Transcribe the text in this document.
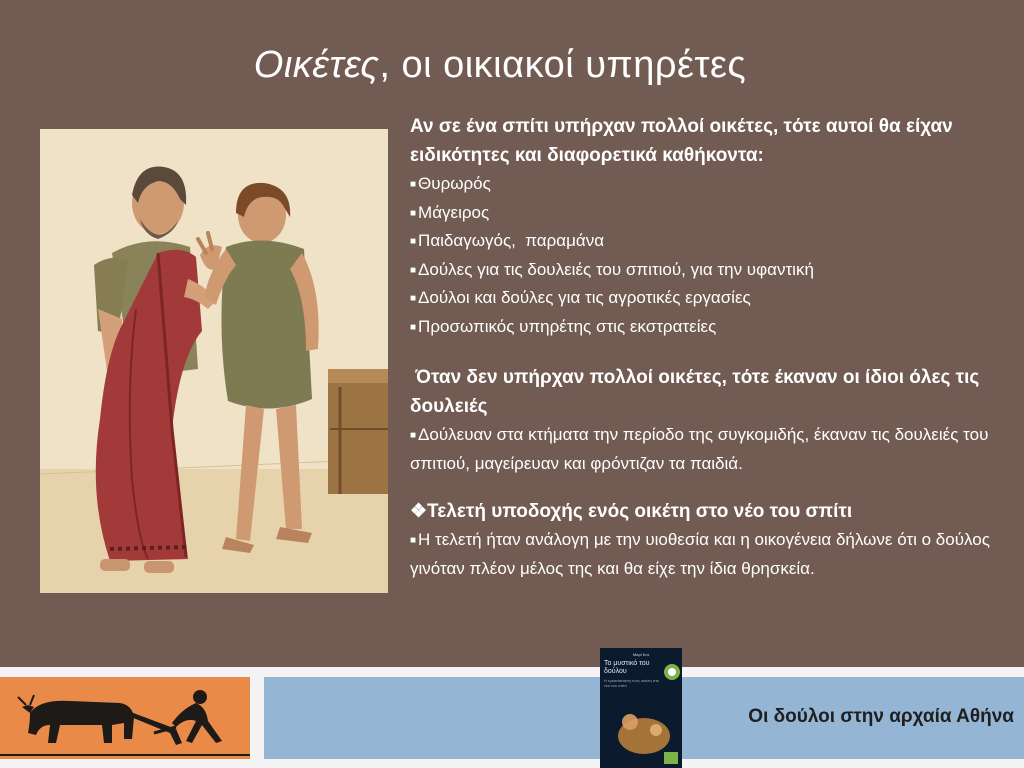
Οικέτες, οι οικιακοί υπηρέτες

Αν σε ένα σπίτι υπήρχαν πολλοί οικέτες, τότε αυτοί θα είχαν ειδικότητες και διαφορετικά καθήκοντα:

■ Θυρωρός

■ Μάγειρος

■ Παιδαγωγός,  παραμάνα

■ Δούλες για τις δουλειές του σπιτιού, για την υφαντική

■ Δούλοι και δούλες για τις αγροτικές εργασίες

■ Προσωπικός υπηρέτης στις εκστρατείες

Όταν δεν υπήρχαν πολλοί οικέτες, τότε έκαναν οι ίδιοι όλες τις δουλειές

■ Δούλευαν στα κτήματα την περίοδο της συγκομιδής, έκαναν τις δουλειές του σπιτιού, μαγείρευαν και φρόντιζαν τα παιδιά.

❖Τελετή υποδοχής ενός οικέτη στο νέο του σπίτι

■ Η τελετή ήταν ανάλογη με την υιοθεσία και η οικογένεια δήλωνε ότι ο δούλος γινόταν πλέον μέλος της και θα είχε την ίδια θρησκεία.

Οι δούλοι στην αρχαία Αθήνα
Μαρί Κοτ
Το μυστικό του δούλου
Η εγκατάσταση ενός οικέτη στο νέο του σπίτι
